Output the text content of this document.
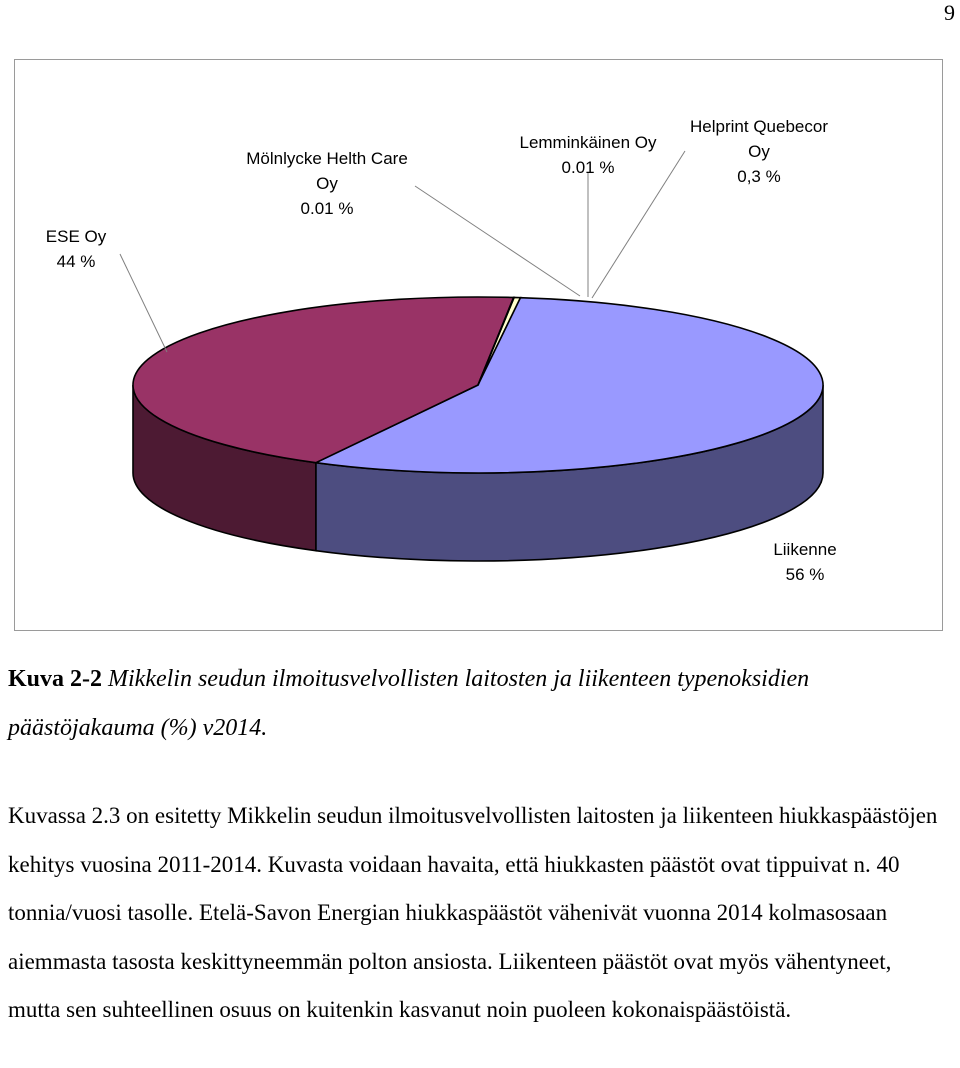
9
ESE Oy 44 %
Mölnlycke Helth Care Oy 0.01 %
Lemminkäinen Oy 0.01 %
Helprint Quebecor Oy 0,3 %
Liikenne 56 %
Kuva 2-2 Mikkelin seudun ilmoitusvelvollisten laitosten ja liikenteen typenoksidien päästöjakauma (%) v2014.

Kuvassa 2.3 on esitetty Mikkelin seudun ilmoitusvelvollisten laitosten ja liikenteen hiukkaspäästöjen kehitys vuosina 2011-2014. Kuvasta voidaan havaita, että hiukkasten päästöt ovat tippuivat n. 40 tonnia/vuosi tasolle. Etelä-Savon Energian hiukkaspäästöt vähenivät vuonna 2014 kolmasosaan aiemmasta tasosta keskittyneemmän polton ansiosta. Liikenteen päästöt ovat myös vähentyneet, mutta sen suhteellinen osuus on kuitenkin kasvanut noin puoleen kokonaispäästöistä.
